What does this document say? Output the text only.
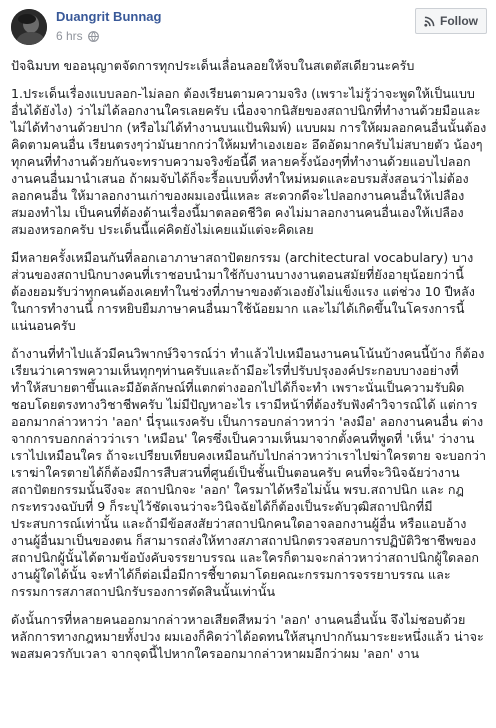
Duangrit Bunnag
6 hrs
Follow

ปัจฉิมบท ขออนุญาตจัดการทุกประเด็นเลื่อนลอยให้จบในสเตตัสเดียวนะครับ

1.ประเด็นเรื่องแบบลอก-ไม่ลอก ต้องเรียนตามความจริง (เพราะไม่รู้ว่าจะพูดให้เป็นแบบอื่นได้ยังไง) ว่าไม่ได้ลอกงานใครเลยครับ เนื่องจากนิสัยของสถาปนิกที่ทำงานด้วยมือและไม่ได้ทำงานด้วยปาก (หรือไม่ได้ทำงานบนแป้นพิมพ์) แบบผม การให้ผมลอกคนอื่นนั้นต้องคิดตามคนอื่น เรียนตรงๆว่ามันยากกว่าให้ผมทำเองเยอะ อึดอัดมากครับไม่สบายตัว น้องๆทุกคนที่ทำงานด้วยกันจะทราบความจริงข้อนี้ดี หลายครั้งน้องๆที่ทำงานด้วยแอบไปลอกงานคนอื่นมานำเสนอ ถ้าผมจับได้ก็จะรื้อแบบทิ้งทำใหม่หมดและอบรมสั่งสอนว่าไม่ต้องลอกคนอื่น ให้มาลอกงานเก่าของผมเองนี่แหละ สะดวกดีจะไปลอกงานคนอื่นให้เปลืองสมองทำไม เป็นคนที่ต้องด้านเรื่องนี้มาตลอดชีวิต คงไม่มาลอกงานคนอื่นเองให้เปลืองสมองหรอกครับ ประเด็นนี้แค่คิดยังไม่เคยแม้แต่จะคิดเลย

มีหลายครั้งเหมือนกันที่ลอกเอาภาษาสถาปัตยกรรม (architectural vocabulary) บางส่วนของสถาปนิกบางคนที่เราชอบนำมาใช้กับงานบางงานตอนสมัยที่ยังอายุน้อยกว่านี้ ต้องยอมรับว่าทุกคนต้องเคยทำในช่วงที่ภาษาของตัวเองยังไม่แข็งแรง แต่ช่วง 10 ปีหลังในการทำงานนี้ การหยิบยืมภาษาคนอื่นมาใช้น้อยมาก และไม่ได้เกิดขึ้นในโครงการนี้แน่นอนครับ

ถ้างานที่ทำไปแล้วมีคนวิพากษ์วิจารณ์ว่า ทำแล้วไปเหมือนงานคนโน้นบ้างคนนี้บ้าง ก็ต้องเรียนว่าเคารพความเห็นทุกๆท่านครับและถ้ามีอะไรที่ปรับปรุงองค์ประกอบบางอย่างที่ทำให้สบายตาขึ้นและมีอัตลักษณ์ที่แตกต่างออกไปได้ก็จะทำ เพราะนั่นเป็นความรับผิดชอบโดยตรงทางวิชาชีพครับ ไม่มีปัญหาอะไร เรามีหน้าที่ต้องรับฟังคำวิจารณ์ได้ แต่การออกมากล่าวหาว่า 'ลอก' นี่รุนแรงครับ เป็นการอบกล่าวหาว่า 'ลงมือ' ลอกงานคนอื่น ต่างจากการบอกกล่าวว่าเรา 'เหมือน' ใครซึ่งเป็นความเห็นมาจากตั้งคนที่พูดที่ 'เห็น' ว่างานเราไปเหมือนใคร ถ้าจะเปรียบเทียบคงเหมือนกับไปกล่าวหาว่าเราไปฆ่าใครตาย จะบอกว่าเราฆ่าใครตายได้ก็ต้องมีการสืบสวนที่ศูนย์เป็นชั้นเป็นตอนครับ คนที่จะวินิจฉัยว่างานสถาปัตยกรรมนั้นจึงจะ สถาปนิกจะ 'ลอก' ใครมาได้หรือไม่นั้น พรบ.สถาปนิก และ กฎกระทรวงฉบับที่ 9 ก็ระบุไว้ชัดเจนว่าจะวินิจฉัยได้ก็ต้องเป็นระดับวุฒิสถาปนิกที่มีประสบการณ์เท่านั้น และถ้ามีข้อสงสัยว่าสถาปนิกคนใดอาจลอกงานผู้อื่น หรือแอบอ้างงานผู้อื่นมาเป็นของตน ก็สามารถส่งให้ทางสภาสถาปนิกตรวจสอบการปฏิบัติวิชาชีพของสถาปนิกผู้นั้นได้ตามข้อบังคับจรรยาบรรณ และใครก็ตามจะกล่าวหาว่าสถาปนิกผู้ใดลอกงานผู้ใดได้นั้น จะทำได้ก็ต่อเมื่อมีการชี้ขาดมาโดยคณะกรรมการจรรยาบรรณ และกรรมการสภาสถาปนิกรับรองการตัดสินนั้นเท่านั้น

ดังนั้นการที่หลายคนออกมากล่าวหาอเสียดสีหมว่า 'ลอก' งานคนอื่นนั้น จึงไม่ชอบด้วยหลักการทางกฎหมายทั้งปวง ผมเองก็คิดว่าได้อดทนให้สนุกปากกันมาระยะหนึ่งแล้ว น่าจะพอสมควรกับเวลา จากจุดนี้ไปหากใครออกมากล่าวหาผมอีกว่าผม 'ลอก' งาน
